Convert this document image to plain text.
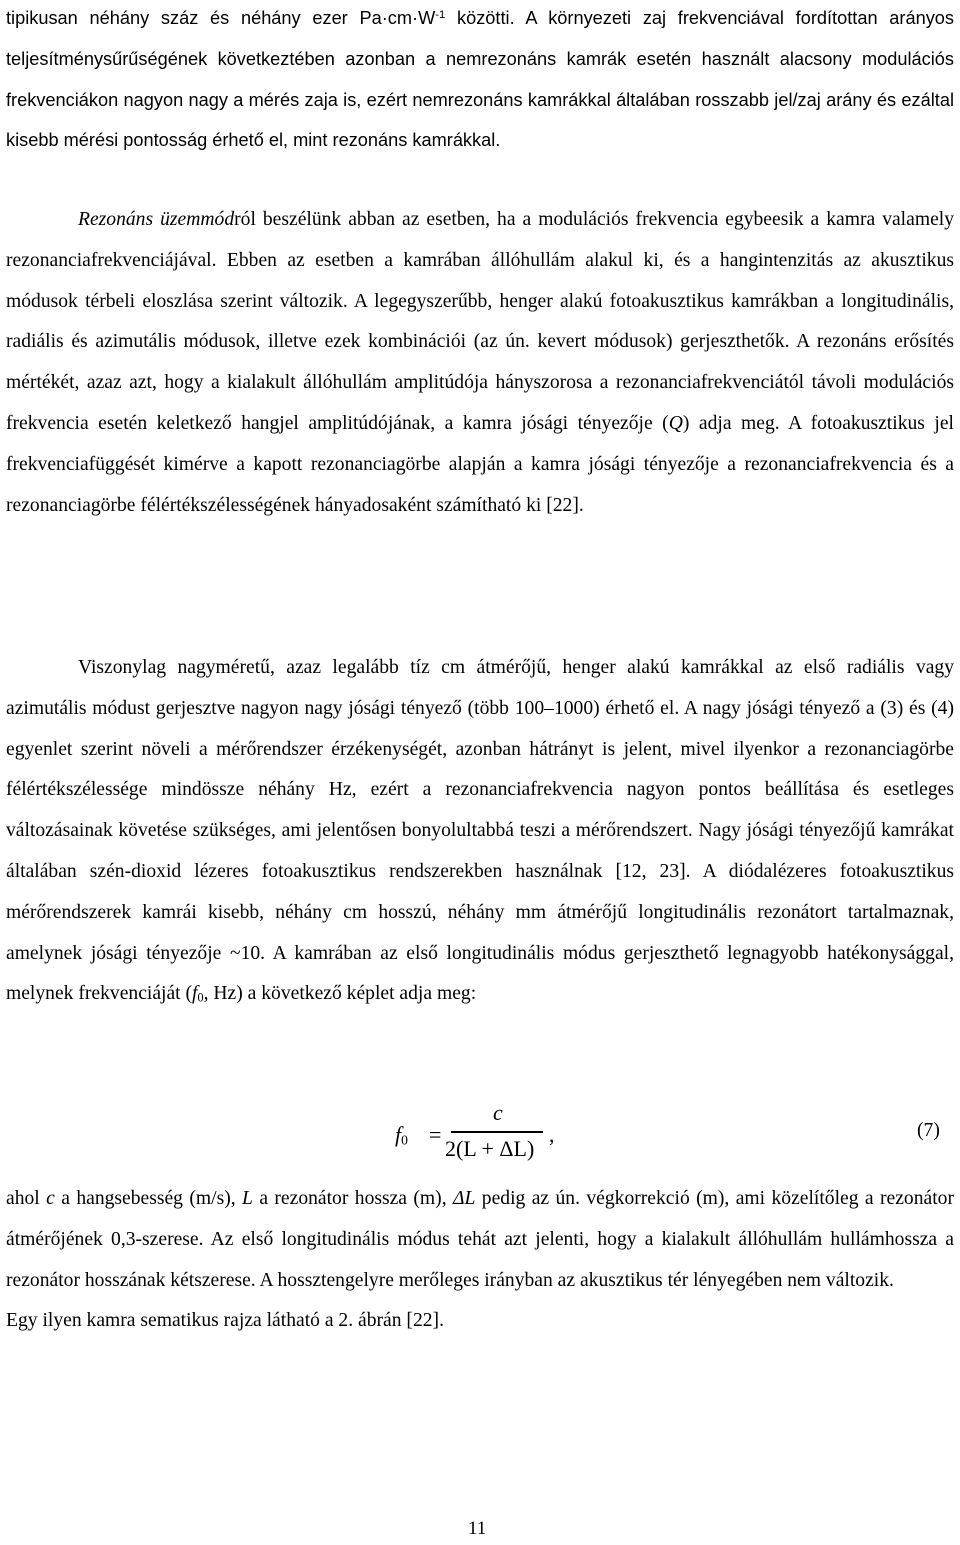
tipikusan néhány száz és néhány ezer $Pa\cdot cm\cdot W^{-1}$ közötti. A környezeti zaj frekvenciával fordítottan arányos teljesítménysűrűségének következtében azonban a nemrezonáns kamrák esetén használt alacsony modulációs frekvenciákon nagyon nagy a mérés zaja is, ezért nemrezonáns kamrákkal általában rosszabb jel/zaj arány és ezáltal kisebb mérési pontosság érhető el, mint rezonáns kamrákkal.
Rezonáns üzemmódról beszélünk abban az esetben, ha a modulációs frekvencia egybeesik a kamra valamely rezonanciafrekvenciájával. Ebben az esetben a kamrában állóhullám alakul ki, és a hangintenzitás az akusztikus módusok térbeli eloszlása szerint változik. A legegyszerűbb, henger alakú fotoakusztikus kamrákban a longitudinális, radiális és azimutális módusok, illetve ezek kombinációi (az ún. kevert módusok) gerjeszthetők. A rezonáns erősítés mértékét, azaz azt, hogy a kialakult állóhullám amplitúdója hányszorosa a rezonanciafrekvenciától távoli modulációs frekvencia esetén keletkező hangjel amplitúdójának, a kamra jósági tényezője (Q) adja meg. A fotoakusztikus jel frekvenciafüggését kimérve a kapott rezonanciagörbe alapján a kamra jósági tényezője a rezonanciafrekvencia és a rezonanciagörbe félértékszélességének hányadosaként számítható ki [22].
Viszonylag nagyméretű, azaz legalább tíz cm átmérőjű, henger alakú kamrákkal az első radiális vagy azimutális módust gerjesztve nagyon nagy jósági tényező (több 100–1000) érhető el. A nagy jósági tényező a (3) és (4) egyenlet szerint növeli a mérőrendszer érzékenységét, azonban hátrányt is jelent, mivel ilyenkor a rezonanciagörbe félértékszélessége mindössze néhány Hz, ezért a rezonanciafrekvencia nagyon pontos beállítása és esetleges változásainak követése szükséges, ami jelentősen bonyolultabbá teszi a mérőrendszert. Nagy jósági tényezőjű kamrákat általában szén-dioxid lézeres fotoakusztikus rendszerekben használnak [12, 23]. A diódalézeres fotoakusztikus mérőrendszerek kamrái kisebb, néhány cm hosszú, néhány mm átmérőjű longitudinális rezonátort tartalmaznak, amelynek jósági tényezője ~10. A kamrában az első longitudinális módus gerjeszthető legnagyobb hatékonysággal, melynek frekvenciáját ($f_0$, Hz) a következő képlet adja meg:
$f_0$ =
c
2(L + ΔL)
,	(7)
ahol c a hangsebesség (m/s), L a rezonátor hossza (m), ΔL pedig az ún. végkorrekció (m), ami közelítőleg a rezonátor átmérőjének 0,3-szerese. Az első longitudinális módus tehát azt jelenti, hogy a kialakult állóhullám hullámhossza a rezonátor hosszának kétszerese. A hossztengelyre merőleges irányban az akusztikus tér lényegében nem változik.
Egy ilyen kamra sematikus rajza látható a 2. ábrán [22].
11
